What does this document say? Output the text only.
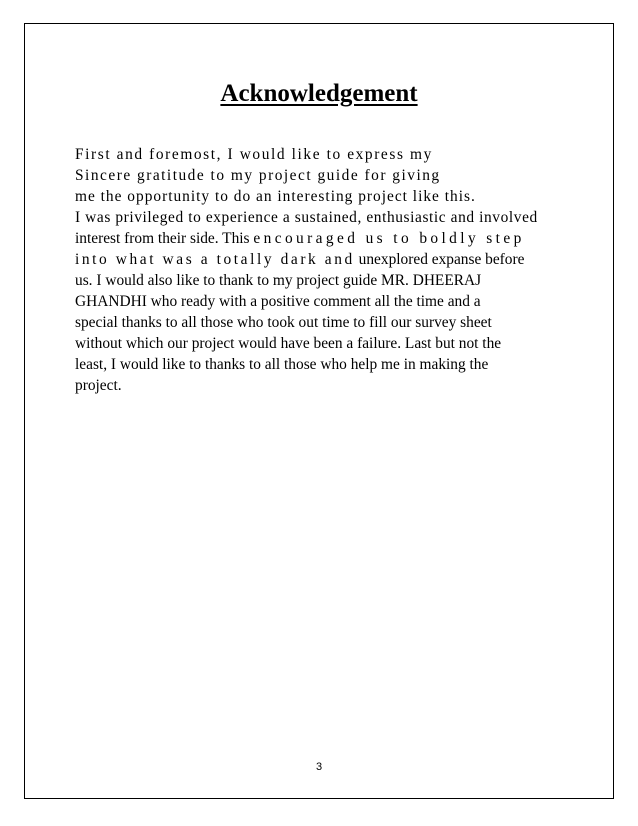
Acknowledgement
First and foremost, I would like to express my
Sincere gratitude to my project guide for giving
me the opportunity to do an interesting project like this.
I was privileged to experience a sustained, enthusiastic and involved
interest from their side. This encouraged us to boldly step
into what was a totally dark and unexplored expanse before
us. I would also like to thank to my project guide MR. DHEERAJ
GHANDHI who ready with a positive comment all the time and a
special thanks to all those who took out time to fill our survey sheet
without which our project would have been a failure. Last but not the
least, I would like to thanks to all those who help me in making the
project.
3
